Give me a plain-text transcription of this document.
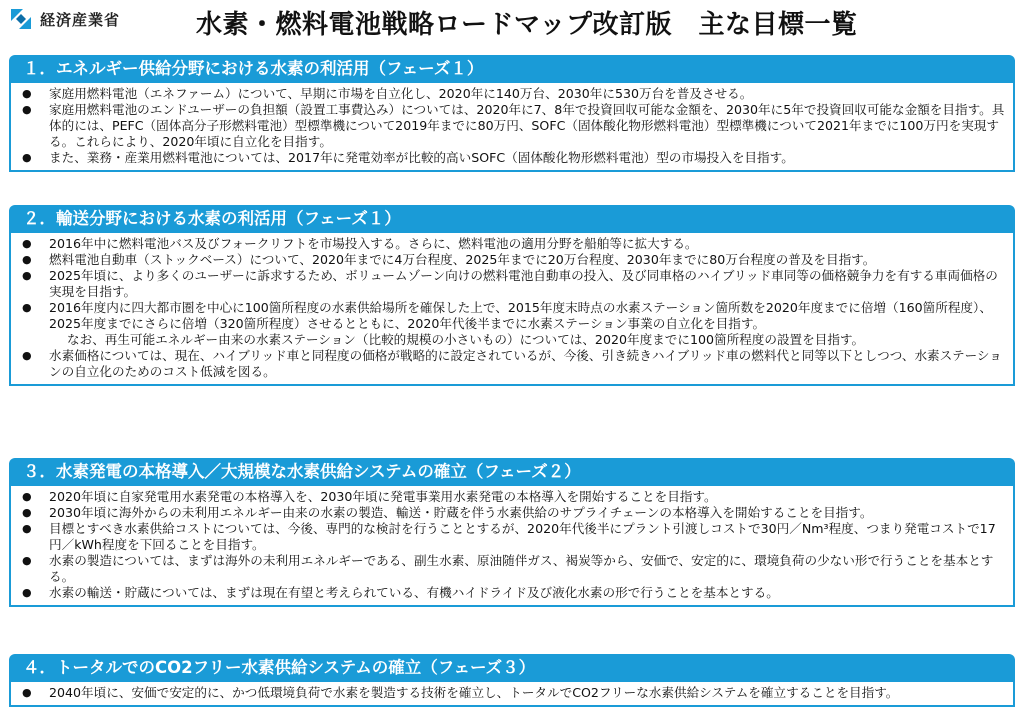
経済産業省	水素・燃料電池戦略ロードマップ改訂版　主な目標一覧
１．エネルギー供給分野における水素の利活用（フェーズ１）
● 家庭用燃料電池（エネファーム）について、早期に市場を自立化し、2020年に140万台、2030年に530万台を普及させる。
● 家庭用燃料電池のエンドユーザーの負担額（設置工事費込み）については、2020年に7、8年で投資回収可能な金額を、2030年に5年で投資回収可能な金額を目指す。具体的には、PEFC（固体高分子形燃料電池）型標準機について2019年までに80万円、SOFC（固体酸化物形燃料電池）型標準機について2021年までに100万円を実現する。これらにより、2020年頃に自立化を目指す。
● また、業務・産業用燃料電池については、2017年に発電効率が比較的高いSOFC（固体酸化物形燃料電池）型の市場投入を目指す。
２．輸送分野における水素の利活用（フェーズ１）
● 2016年中に燃料電池バス及びフォークリフトを市場投入する。さらに、燃料電池の適用分野を船舶等に拡大する。
● 燃料電池自動車（ストックベース）について、2020年までに4万台程度、2025年までに20万台程度、2030年までに80万台程度の普及を目指す。
● 2025年頃に、より多くのユーザーに訴求するため、ボリュームゾーン向けの燃料電池自動車の投入、及び同車格のハイブリッド車同等の価格競争力を有する車両価格の実現を目指す。
● 2016年度内に四大都市圏を中心に100箇所程度の水素供給場所を確保した上で、2015年度末時点の水素ステーション箇所数を2020年度までに倍増（160箇所程度）、2025年度までにさらに倍増（320箇所程度）させるとともに、2020年代後半までに水素ステーション事業の自立化を目指す。
なお、再生可能エネルギー由来の水素ステーション（比較的規模の小さいもの）については、2020年度までに100箇所程度の設置を目指す。
● 水素価格については、現在、ハイブリッド車と同程度の価格が戦略的に設定されているが、今後、引き続きハイブリッド車の燃料代と同等以下としつつ、水素ステーションの自立化のためのコスト低減を図る。
３．水素発電の本格導入／大規模な水素供給システムの確立（フェーズ２）
● 2020年頃に自家発電用水素発電の本格導入を、2030年頃に発電事業用水素発電の本格導入を開始することを目指す。
● 2030年頃に海外からの未利用エネルギー由来の水素の製造、輸送・貯蔵を伴う水素供給のサプライチェーンの本格導入を開始することを目指す。
● 目標とすべき水素供給コストについては、今後、専門的な検討を行うこととするが、2020年代後半にプラント引渡しコストで30円／Nm³程度、つまり発電コストで17円／kWh程度を下回ることを目指す。
● 水素の製造については、まずは海外の未利用エネルギーである、副生水素、原油随伴ガス、褐炭等から、安価で、安定的に、環境負荷の少ない形で行うことを基本とする。
● 水素の輸送・貯蔵については、まずは現在有望と考えられている、有機ハイドライド及び液化水素の形で行うことを基本とする。
４．トータルでのCO2フリー水素供給システムの確立（フェーズ３）
● 2040年頃に、安価で安定的に、かつ低環境負荷で水素を製造する技術を確立し、トータルでCO2フリーな水素供給システムを確立することを目指す。
